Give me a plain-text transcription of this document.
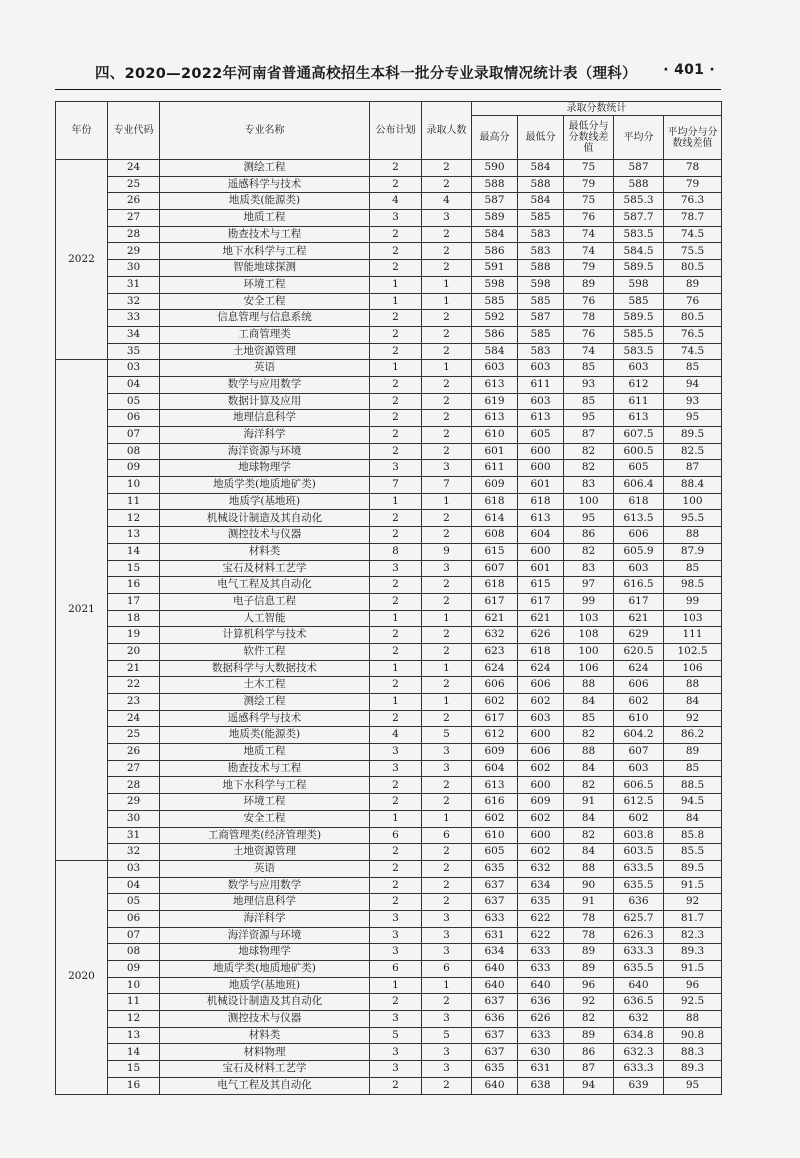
四、2020—2022年河南省普通高校招生本科一批分专业录取情况统计表（理科） · 401 ·
年份	专业代码	专业名称	公布计划	录取人数	录取分数统计				
					最高分	最低分	最低分与分数线差值	平均分	平均分与分数线差值
2022	24	测绘工程	2	2	590	584	75	587	78
	25	遥感科学与技术	2	2	588	588	79	588	79
	26	地质类(能源类)	4	4	587	584	75	585.3	76.3
	27	地质工程	3	3	589	585	76	587.7	78.7
	28	勘查技术与工程	2	2	584	583	74	583.5	74.5
	29	地下水科学与工程	2	2	586	583	74	584.5	75.5
	30	智能地球探测	2	2	591	588	79	589.5	80.5
	31	环境工程	1	1	598	598	89	598	89
	32	安全工程	1	1	585	585	76	585	76
	33	信息管理与信息系统	2	2	592	587	78	589.5	80.5
	34	工商管理类	2	2	586	585	76	585.5	76.5
	35	土地资源管理	2	2	584	583	74	583.5	74.5
2021	03	英语	1	1	603	603	85	603	85
	04	数学与应用数学	2	2	613	611	93	612	94
	05	数据计算及应用	2	2	619	603	85	611	93
	06	地理信息科学	2	2	613	613	95	613	95
	07	海洋科学	2	2	610	605	87	607.5	89.5
	08	海洋资源与环境	2	2	601	600	82	600.5	82.5
	09	地球物理学	3	3	611	600	82	605	87
	10	地质学类(地质地矿类)	7	7	609	601	83	606.4	88.4
	11	地质学(基地班)	1	1	618	618	100	618	100
	12	机械设计制造及其自动化	2	2	614	613	95	613.5	95.5
	13	测控技术与仪器	2	2	608	604	86	606	88
	14	材料类	8	9	615	600	82	605.9	87.9
	15	宝石及材料工艺学	3	3	607	601	83	603	85
	16	电气工程及其自动化	2	2	618	615	97	616.5	98.5
	17	电子信息工程	2	2	617	617	99	617	99
	18	人工智能	1	1	621	621	103	621	103
	19	计算机科学与技术	2	2	632	626	108	629	111
	20	软件工程	2	2	623	618	100	620.5	102.5
	21	数据科学与大数据技术	1	1	624	624	106	624	106
	22	土木工程	2	2	606	606	88	606	88
	23	测绘工程	1	1	602	602	84	602	84
	24	遥感科学与技术	2	2	617	603	85	610	92
	25	地质类(能源类)	4	5	612	600	82	604.2	86.2
	26	地质工程	3	3	609	606	88	607	89
	27	勘查技术与工程	3	3	604	602	84	603	85
	28	地下水科学与工程	2	2	613	600	82	606.5	88.5
	29	环境工程	2	2	616	609	91	612.5	94.5
	30	安全工程	1	1	602	602	84	602	84
	31	工商管理类(经济管理类)	6	6	610	600	82	603.8	85.8
	32	土地资源管理	2	2	605	602	84	603.5	85.5
2020	03	英语	2	2	635	632	88	633.5	89.5
	04	数学与应用数学	2	2	637	634	90	635.5	91.5
	05	地理信息科学	2	2	637	635	91	636	92
	06	海洋科学	3	3	633	622	78	625.7	81.7
	07	海洋资源与环境	3	3	631	622	78	626.3	82.3
	08	地球物理学	3	3	634	633	89	633.3	89.3
	09	地质学类(地质地矿类)	6	6	640	633	89	635.5	91.5
	10	地质学(基地班)	1	1	640	640	96	640	96
	11	机械设计制造及其自动化	2	2	637	636	92	636.5	92.5
	12	测控技术与仪器	3	3	636	626	82	632	88
	13	材料类	5	5	637	633	89	634.8	90.8
	14	材料物理	3	3	637	630	86	632.3	88.3
	15	宝石及材料工艺学	3	3	635	631	87	633.3	89.3
	16	电气工程及其自动化	2	2	640	638	94	639	95
